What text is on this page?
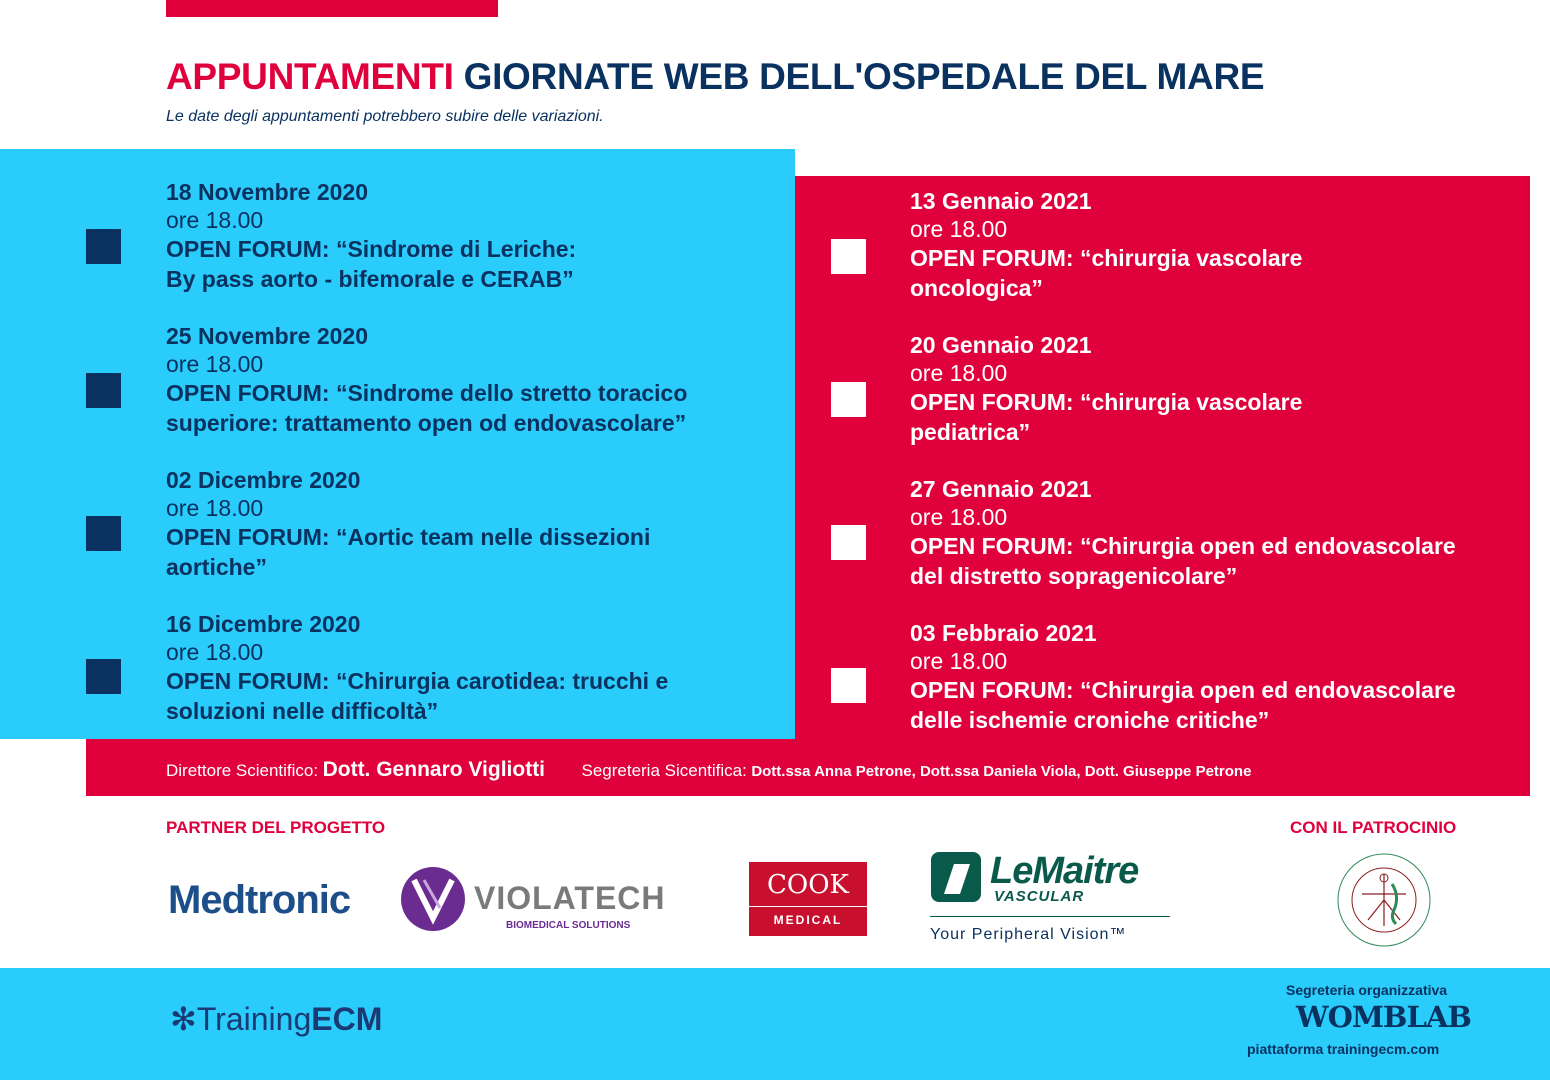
APPUNTAMENTI GIORNATE WEB DELL'OSPEDALE DEL MARE
Le date degli appuntamenti potrebbero subire delle variazioni.
18 Novembre 2020
ore 18.00
OPEN FORUM: “Sindrome di Leriche:
By pass aorto - bifemorale e CERAB”
25 Novembre 2020
ore 18.00
OPEN FORUM: “Sindrome dello stretto toracico
superiore: trattamento open od endovascolare”
02 Dicembre 2020
ore 18.00
OPEN FORUM: “Aortic team nelle dissezioni
aortiche”
16 Dicembre 2020
ore 18.00
OPEN FORUM: “Chirurgia carotidea: trucchi e
soluzioni nelle difficoltà”
13 Gennaio 2021
ore 18.00
OPEN FORUM: “chirurgia vascolare
oncologica”
20 Gennaio 2021
ore 18.00
OPEN FORUM: “chirurgia vascolare
pediatrica”
27 Gennaio 2021
ore 18.00
OPEN FORUM: “Chirurgia open ed endovascolare
del distretto sopragenicolare”
03 Febbraio 2021
ore 18.00
OPEN FORUM: “Chirurgia open ed endovascolare
delle ischemie croniche critiche”
Direttore Scientifico: Dott. Gennaro Vigliotti Segreteria Sicentifica: Dott.ssa Anna Petrone, Dott.ssa Daniela Viola, Dott. Giuseppe Petrone
PARTNER DEL PROGETTO	CON IL PATROCINIO
Medtronic	VIOLATECH
BIOMEDICAL SOLUTIONS
COOK
MEDICAL
LeMaitre
VASCULAR
Your Peripheral Vision™
✻TrainingECM
Segreteria organizzativa
WOMBLAB
piattaforma trainingecm.com
